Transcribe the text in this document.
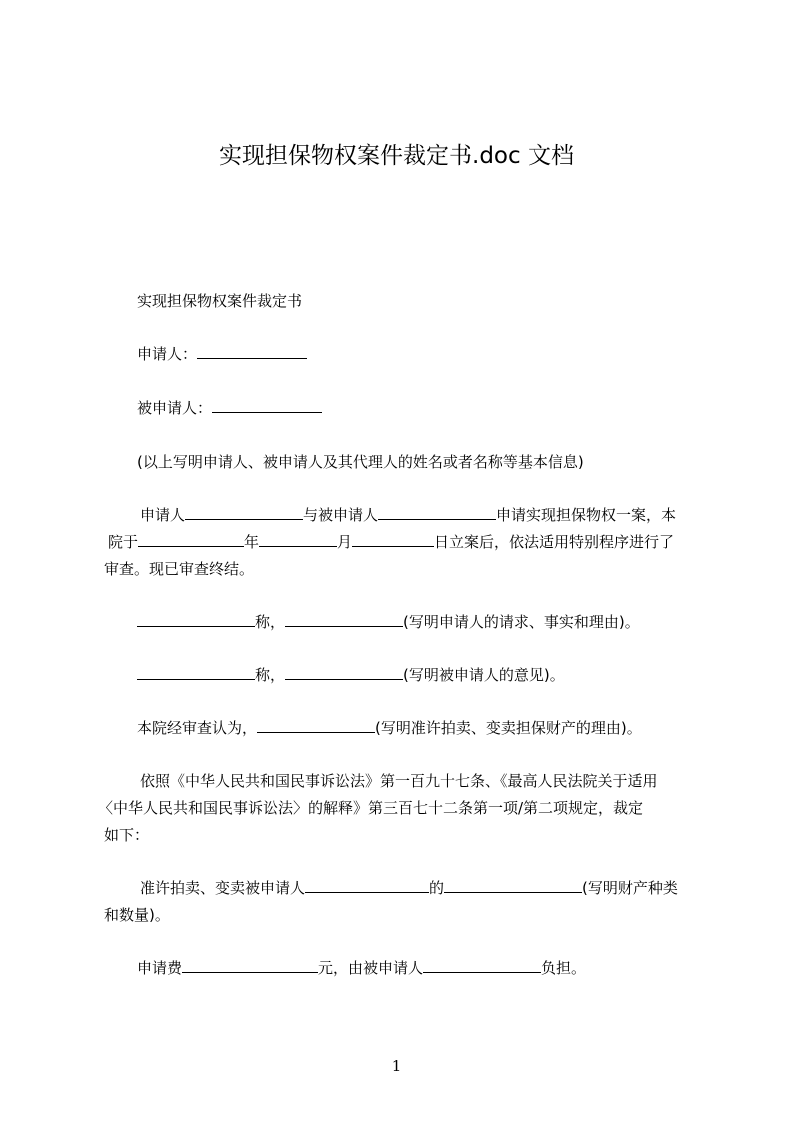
实现担保物权案件裁定书.doc 文档
实现担保物权案件裁定书
申请人：
被申请人：
(以上写明申请人、被申请人及其代理人的姓名或者名称等基本信息)
申请人	与被申请人	申请实现担保物权一案，本
院于	年	月	日立案后，依法适用特别程序进行了
审查。现已审查终结。
称，	(写明申请人的请求、事实和理由)。
称，	(写明被申请人的意见)。
本院经审查认为，	(写明准许拍卖、变卖担保财产的理由)。
依照《中华人民共和国民事诉讼法》第一百九十七条、《最高人民法院关于适用
〈中华人民共和国民事诉讼法〉的解释》第三百七十二条第一项/第二项规定，裁定
如下：
准许拍卖、变卖被申请人	的	(写明财产种类
和数量)。
申请费	元，由被申请人	负担。
1
